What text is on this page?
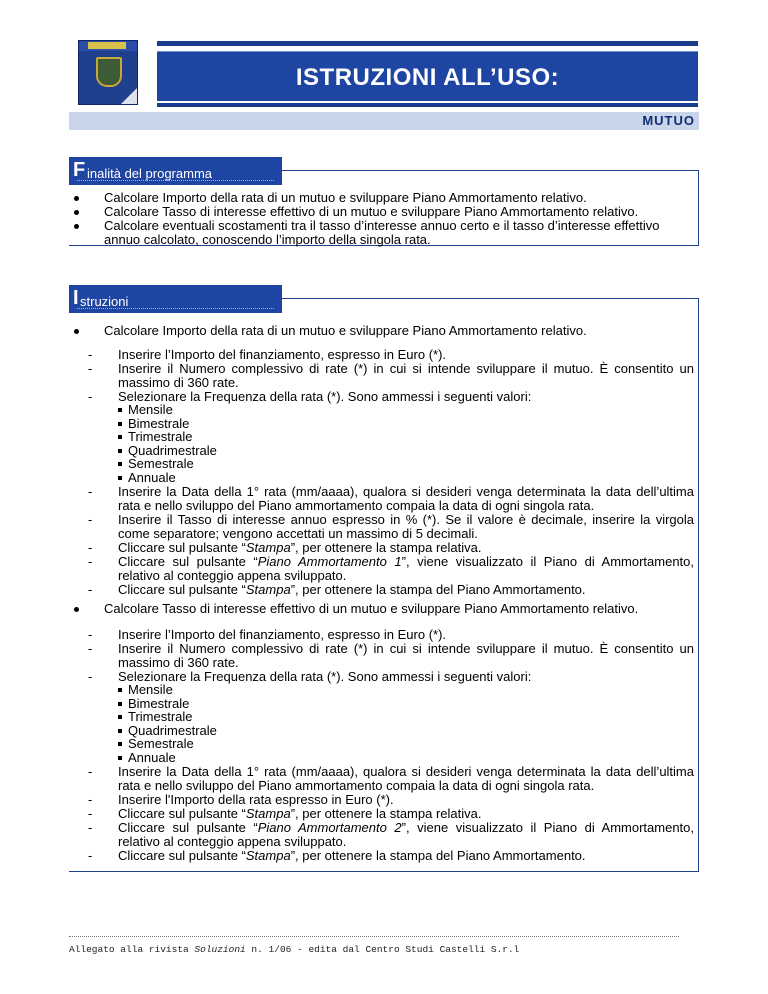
ISTRUZIONI ALL’USO:
MUTUO
F inalità del programma
Calcolare Importo della rata di un mutuo e sviluppare Piano Ammortamento relativo.
Calcolare Tasso di interesse effettivo di un mutuo e sviluppare Piano Ammortamento relativo.
Calcolare eventuali scostamenti tra il tasso d’interesse annuo certo e il tasso d’interesse effettivo annuo calcolato, conoscendo l’importo della singola rata.
I struzioni
Calcolare Importo della rata di un mutuo e sviluppare Piano Ammortamento relativo.
- Inserire l’Importo del finanziamento, espresso in Euro (*).
- Inserire il Numero complessivo di rate (*) in cui si intende sviluppare il mutuo. È consentito un massimo di 360 rate.
- Selezionare la Frequenza della rata (*). Sono ammessi i seguenti valori:
Mensile
Bimestrale
Trimestrale
Quadrimestrale
Semestrale
Annuale
- Inserire la Data della 1° rata (mm/aaaa), qualora si desideri venga determinata la data dell’ultima rata e nello sviluppo del Piano ammortamento compaia la data di ogni singola rata.
- Inserire il Tasso di interesse annuo espresso in % (*). Se il valore è decimale, inserire la virgola come separatore; vengono accettati un massimo di 5 decimali.
- Cliccare sul pulsante “Stampa”, per ottenere la stampa relativa.
- Cliccare sul pulsante “Piano Ammortamento 1”, viene visualizzato il Piano di Ammortamento, relativo al conteggio appena sviluppato.
- Cliccare sul pulsante “Stampa”, per ottenere la stampa del Piano Ammortamento.
Calcolare Tasso di interesse effettivo di un mutuo e sviluppare Piano Ammortamento relativo.
- Inserire l’Importo del finanziamento, espresso in Euro (*).
- Inserire il Numero complessivo di rate (*) in cui si intende sviluppare il mutuo. È consentito un massimo di 360 rate.
- Selezionare la Frequenza della rata (*). Sono ammessi i seguenti valori:
Mensile
Bimestrale
Trimestrale
Quadrimestrale
Semestrale
Annuale
- Inserire la Data della 1° rata (mm/aaaa), qualora si desideri venga determinata la data dell’ultima rata e nello sviluppo del Piano ammortamento compaia la data di ogni singola rata.
- Inserire l'Importo della rata espresso in Euro (*).
- Cliccare sul pulsante “Stampa”, per ottenere la stampa relativa.
- Cliccare sul pulsante “Piano Ammortamento 2”, viene visualizzato il Piano di Ammortamento, relativo al conteggio appena sviluppato.
- Cliccare sul pulsante “Stampa”, per ottenere la stampa del Piano Ammortamento.
Allegato alla rivista Soluzioni n. 1/06 - edita dal Centro Studi Castelli S.r.l
